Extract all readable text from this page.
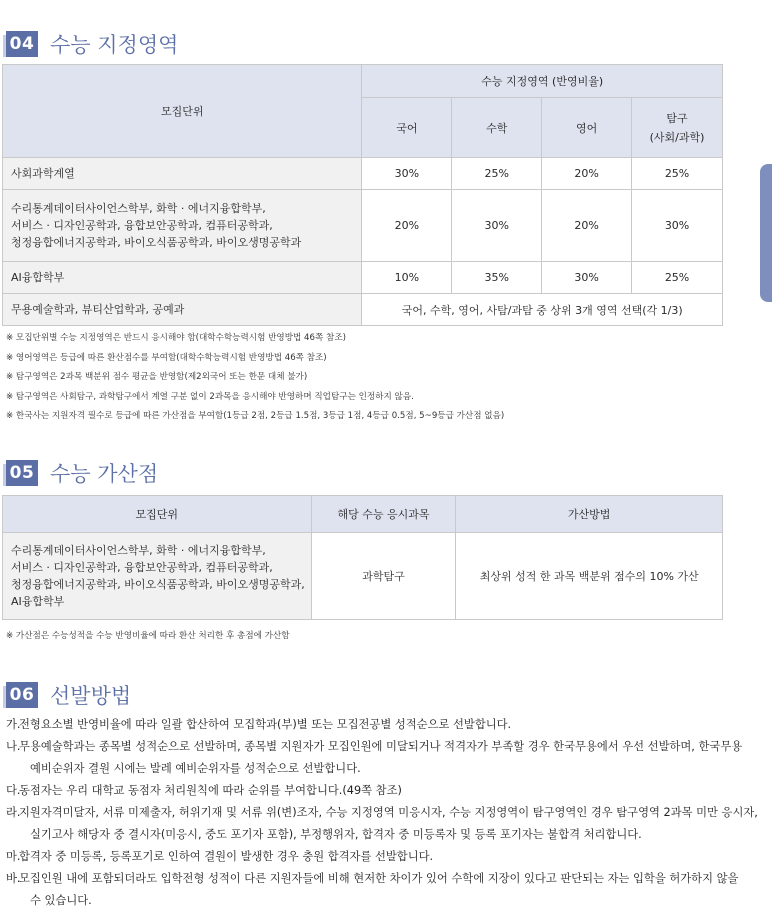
04 수능 지정영역
모집단위	수능 지정영역 (반영비율)			
	국어	수학	영어	탐구
(사회/과학)

사회과학계열	30%	25%	20%	25%

수리통계데이터사이언스학부, 화학 · 에너지융합학부,
서비스 · 디자인공학과, 융합보안공학과, 컴퓨터공학과,
청정융합에너지공학과, 바이오식품공학과, 바이오생명공학과	20%	30%	20%	30%
AI융합학부	10%	35%	30%	25%
무용예술학과, 뷰티산업학과, 공예과	국어, 수학, 영어, 사탐/과탐 중 상위 3개 영역 선택(각 1/3)			
※ 모집단위별 수능 지정영역은 반드시 응시해야 함(대학수학능력시험 반영방법 46쪽 참조)
※ 영어영역은 등급에 따른 환산점수를 부여함(대학수학능력시험 반영방법 46쪽 참조)
※ 탐구영역은 2과목 백분위 점수 평균을 반영함(제2외국어 또는 한문 대체 불가)
※ 탐구영역은 사회탐구, 과학탐구에서 계열 구분 없이 2과목을 응시해야 반영하며 직업탐구는 인정하지 않음.
※ 한국사는 지원자격 필수로 등급에 따른 가산점을 부여함(1등급 2점, 2등급 1.5점, 3등급 1점, 4등급 0.5점, 5~9등급 가산점 없음)
05 수능 가산점
모집단위	해당 수능 응시과목	가산방법

수리통계데이터사이언스학부, 화학 · 에너지융합학부,
서비스 · 디자인공학과, 융합보안공학과, 컴퓨터공학과,
청정융합에너지공학과, 바이오식품공학과, 바이오생명공학과,
AI융합학부	과학탐구	최상위 성적 한 과목 백분위 점수의 10% 가산
※ 가산점은 수능성적을 수능 반영비율에 따라 환산 처리한 후 총점에 가산함
06 선발방법
가.
전형요소별 반영비율에 따라 일괄 합산하여 모집학과(부)별 또는 모집전공별 성적순으로 선발합니다.
나.
무용예술학과는 종목별 성적순으로 선발하며, 종목별 지원자가 모집인원에 미달되거나 적격자가 부족할 경우 한국무용에서 우선 선발하며, 한국무용
예비순위자 결원 시에는 발레 예비순위자를 성적순으로 선발합니다.
다.
동점자는 우리 대학교 동점자 처리원칙에 따라 순위를 부여합니다.(49쪽 참조)
라.
지원자격미달자, 서류 미제출자, 허위기재 및 서류 위(변)조자, 수능 지정영역 미응시자, 수능 지정영역이 탐구영역인 경우 탐구영역 2과목 미만 응시자,
실기고사 해당자 중 결시자(미응시, 중도 포기자 포함), 부정행위자, 합격자 중 미등록자 및 등록 포기자는 불합격 처리합니다.
마.
합격자 중 미등록, 등록포기로 인하여 결원이 발생한 경우 충원 합격자를 선발합니다.
바.
모집인원 내에 포함되더라도 입학전형 성적이 다른 지원자들에 비해 현저한 차이가 있어 수학에 지장이 있다고 판단되는 자는 입학을 허가하지 않을
수 있습니다.
